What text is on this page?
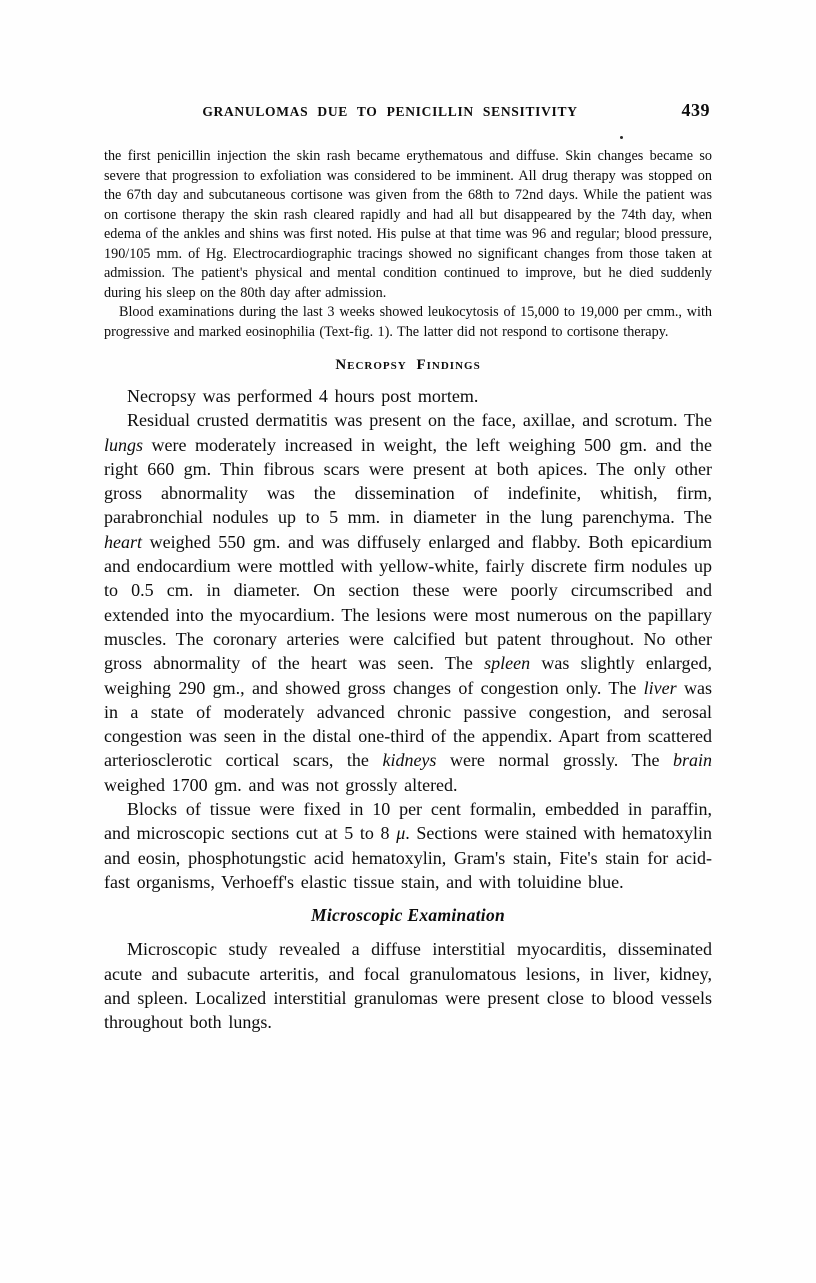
GRANULOMAS DUE TO PENICILLIN SENSITIVITY	439

the first penicillin injection the skin rash became erythematous and diffuse. Skin changes became so severe that progression to exfoliation was considered to be imminent. All drug therapy was stopped on the 67th day and subcutaneous cortisone was given from the 68th to 72nd days. While the patient was on cortisone therapy the skin rash cleared rapidly and had all but disappeared by the 74th day, when edema of the ankles and shins was first noted. His pulse at that time was 96 and regular; blood pressure, 190/105 mm. of Hg. Electrocardiographic tracings showed no significant changes from those taken at admission. The patient's physical and mental condition continued to improve, but he died suddenly during his sleep on the 80th day after admission.

Blood examinations during the last 3 weeks showed leukocytosis of 15,000 to 19,000 per cmm., with progressive and marked eosinophilia (Text-fig. 1). The latter did not respond to cortisone therapy.

Necropsy Findings

Necropsy was performed 4 hours post mortem.

Residual crusted dermatitis was present on the face, axillae, and scrotum. The lungs were moderately increased in weight, the left weighing 500 gm. and the right 660 gm. Thin fibrous scars were present at both apices. The only other gross abnormality was the dissemination of indefinite, whitish, firm, parabronchial nodules up to 5 mm. in diameter in the lung parenchyma. The heart weighed 550 gm. and was diffusely enlarged and flabby. Both epicardium and endocardium were mottled with yellow-white, fairly discrete firm nodules up to 0.5 cm. in diameter. On section these were poorly circumscribed and extended into the myocardium. The lesions were most numerous on the papillary muscles. The coronary arteries were calcified but patent throughout. No other gross abnormality of the heart was seen. The spleen was slightly enlarged, weighing 290 gm., and showed gross changes of congestion only. The liver was in a state of moderately advanced chronic passive congestion, and serosal congestion was seen in the distal one-third of the appendix. Apart from scattered arteriosclerotic cortical scars, the kidneys were normal grossly. The brain weighed 1700 gm. and was not grossly altered.

Blocks of tissue were fixed in 10 per cent formalin, embedded in paraffin, and microscopic sections cut at 5 to 8 μ. Sections were stained with hematoxylin and eosin, phosphotungstic acid hematoxylin, Gram's stain, Fite's stain for acid-fast organisms, Verhoeff's elastic tissue stain, and with toluidine blue.

Microscopic Examination

Microscopic study revealed a diffuse interstitial myocarditis, disseminated acute and subacute arteritis, and focal granulomatous lesions, in liver, kidney, and spleen. Localized interstitial granulomas were present close to blood vessels throughout both lungs.
